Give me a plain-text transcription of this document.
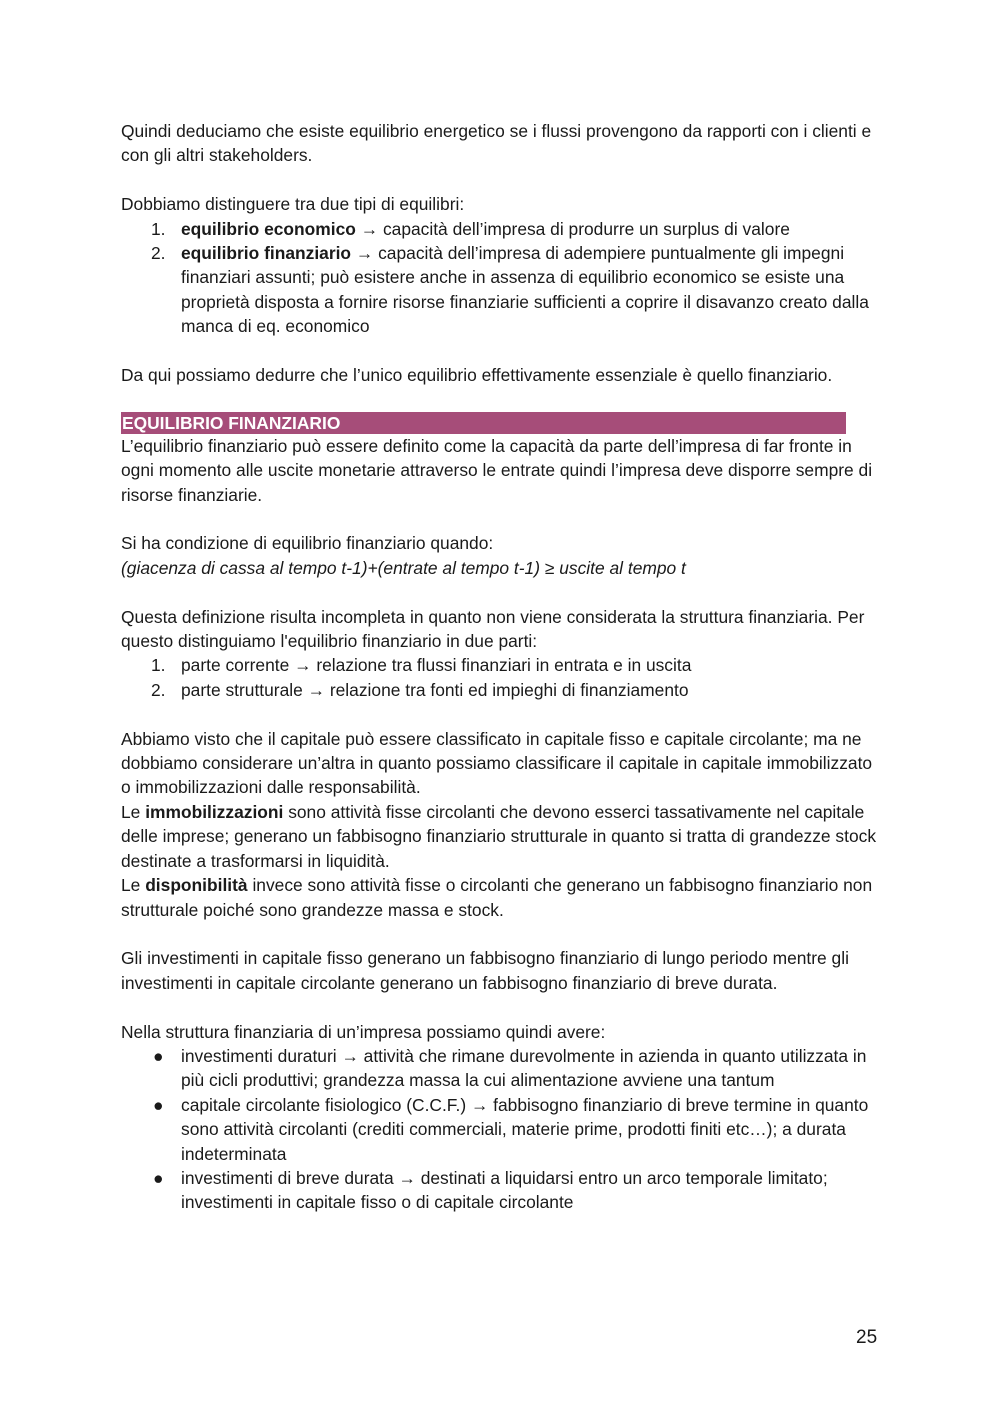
Quindi deduciamo che esiste equilibrio energetico se i flussi provengono da rapporti con i clienti e con gli altri stakeholders.

Dobbiamo distinguere tra due tipi di equilibri:

1. equilibrio economico → capacità dell’impresa di produrre un surplus di valore
2. equilibrio finanziario → capacità dell’impresa di adempiere puntualmente gli impegni finanziari assunti; può esistere anche in assenza di equilibrio economico se esiste una proprietà disposta a fornire risorse finanziarie sufficienti a coprire il disavanzo creato dalla manca di eq. economico

Da qui possiamo dedurre che l’unico equilibrio effettivamente essenziale è quello finanziario.

EQUILIBRIO FINANZIARIO

L’equilibrio finanziario può essere definito come la capacità da parte dell’impresa di far fronte in ogni momento alle uscite monetarie attraverso le entrate quindi l’impresa deve disporre sempre di risorse finanziarie.

Si ha condizione di equilibrio finanziario quando:

(giacenza di cassa al tempo t-1)+(entrate al tempo t-1) ≥ uscite al tempo t

Questa definizione risulta incompleta in quanto non viene considerata la struttura finanziaria. Per questo distinguiamo l'equilibrio finanziario in due parti:

1. parte corrente → relazione tra flussi finanziari in entrata e in uscita
2. parte strutturale → relazione tra fonti ed impieghi di finanziamento

Abbiamo visto che il capitale può essere classificato in capitale fisso e capitale circolante; ma ne dobbiamo considerare un’altra in quanto possiamo classificare il capitale in capitale immobilizzato o immobilizzazioni dalle responsabilità.

Le immobilizzazioni sono attività fisse circolanti che devono esserci tassativamente nel capitale delle imprese; generano un fabbisogno finanziario strutturale in quanto si tratta di grandezze stock destinate a trasformarsi in liquidità.

Le disponibilità invece sono attività fisse o circolanti che generano un fabbisogno finanziario non strutturale poiché sono grandezze massa e stock.

Gli investimenti in capitale fisso generano un fabbisogno finanziario di lungo periodo mentre gli investimenti in capitale circolante generano un fabbisogno finanziario di breve durata.

Nella struttura finanziaria di un’impresa possiamo quindi avere:

● investimenti duraturi → attività che rimane durevolmente in azienda in quanto utilizzata in più cicli produttivi; grandezza massa la cui alimentazione avviene una tantum
● capitale circolante fisiologico (C.C.F.) → fabbisogno finanziario di breve termine in quanto sono attività circolanti (crediti commerciali, materie prime, prodotti finiti etc…); a durata indeterminata
● investimenti di breve durata → destinati a liquidarsi entro un arco temporale limitato; investimenti in capitale fisso o di capitale circolante
25
